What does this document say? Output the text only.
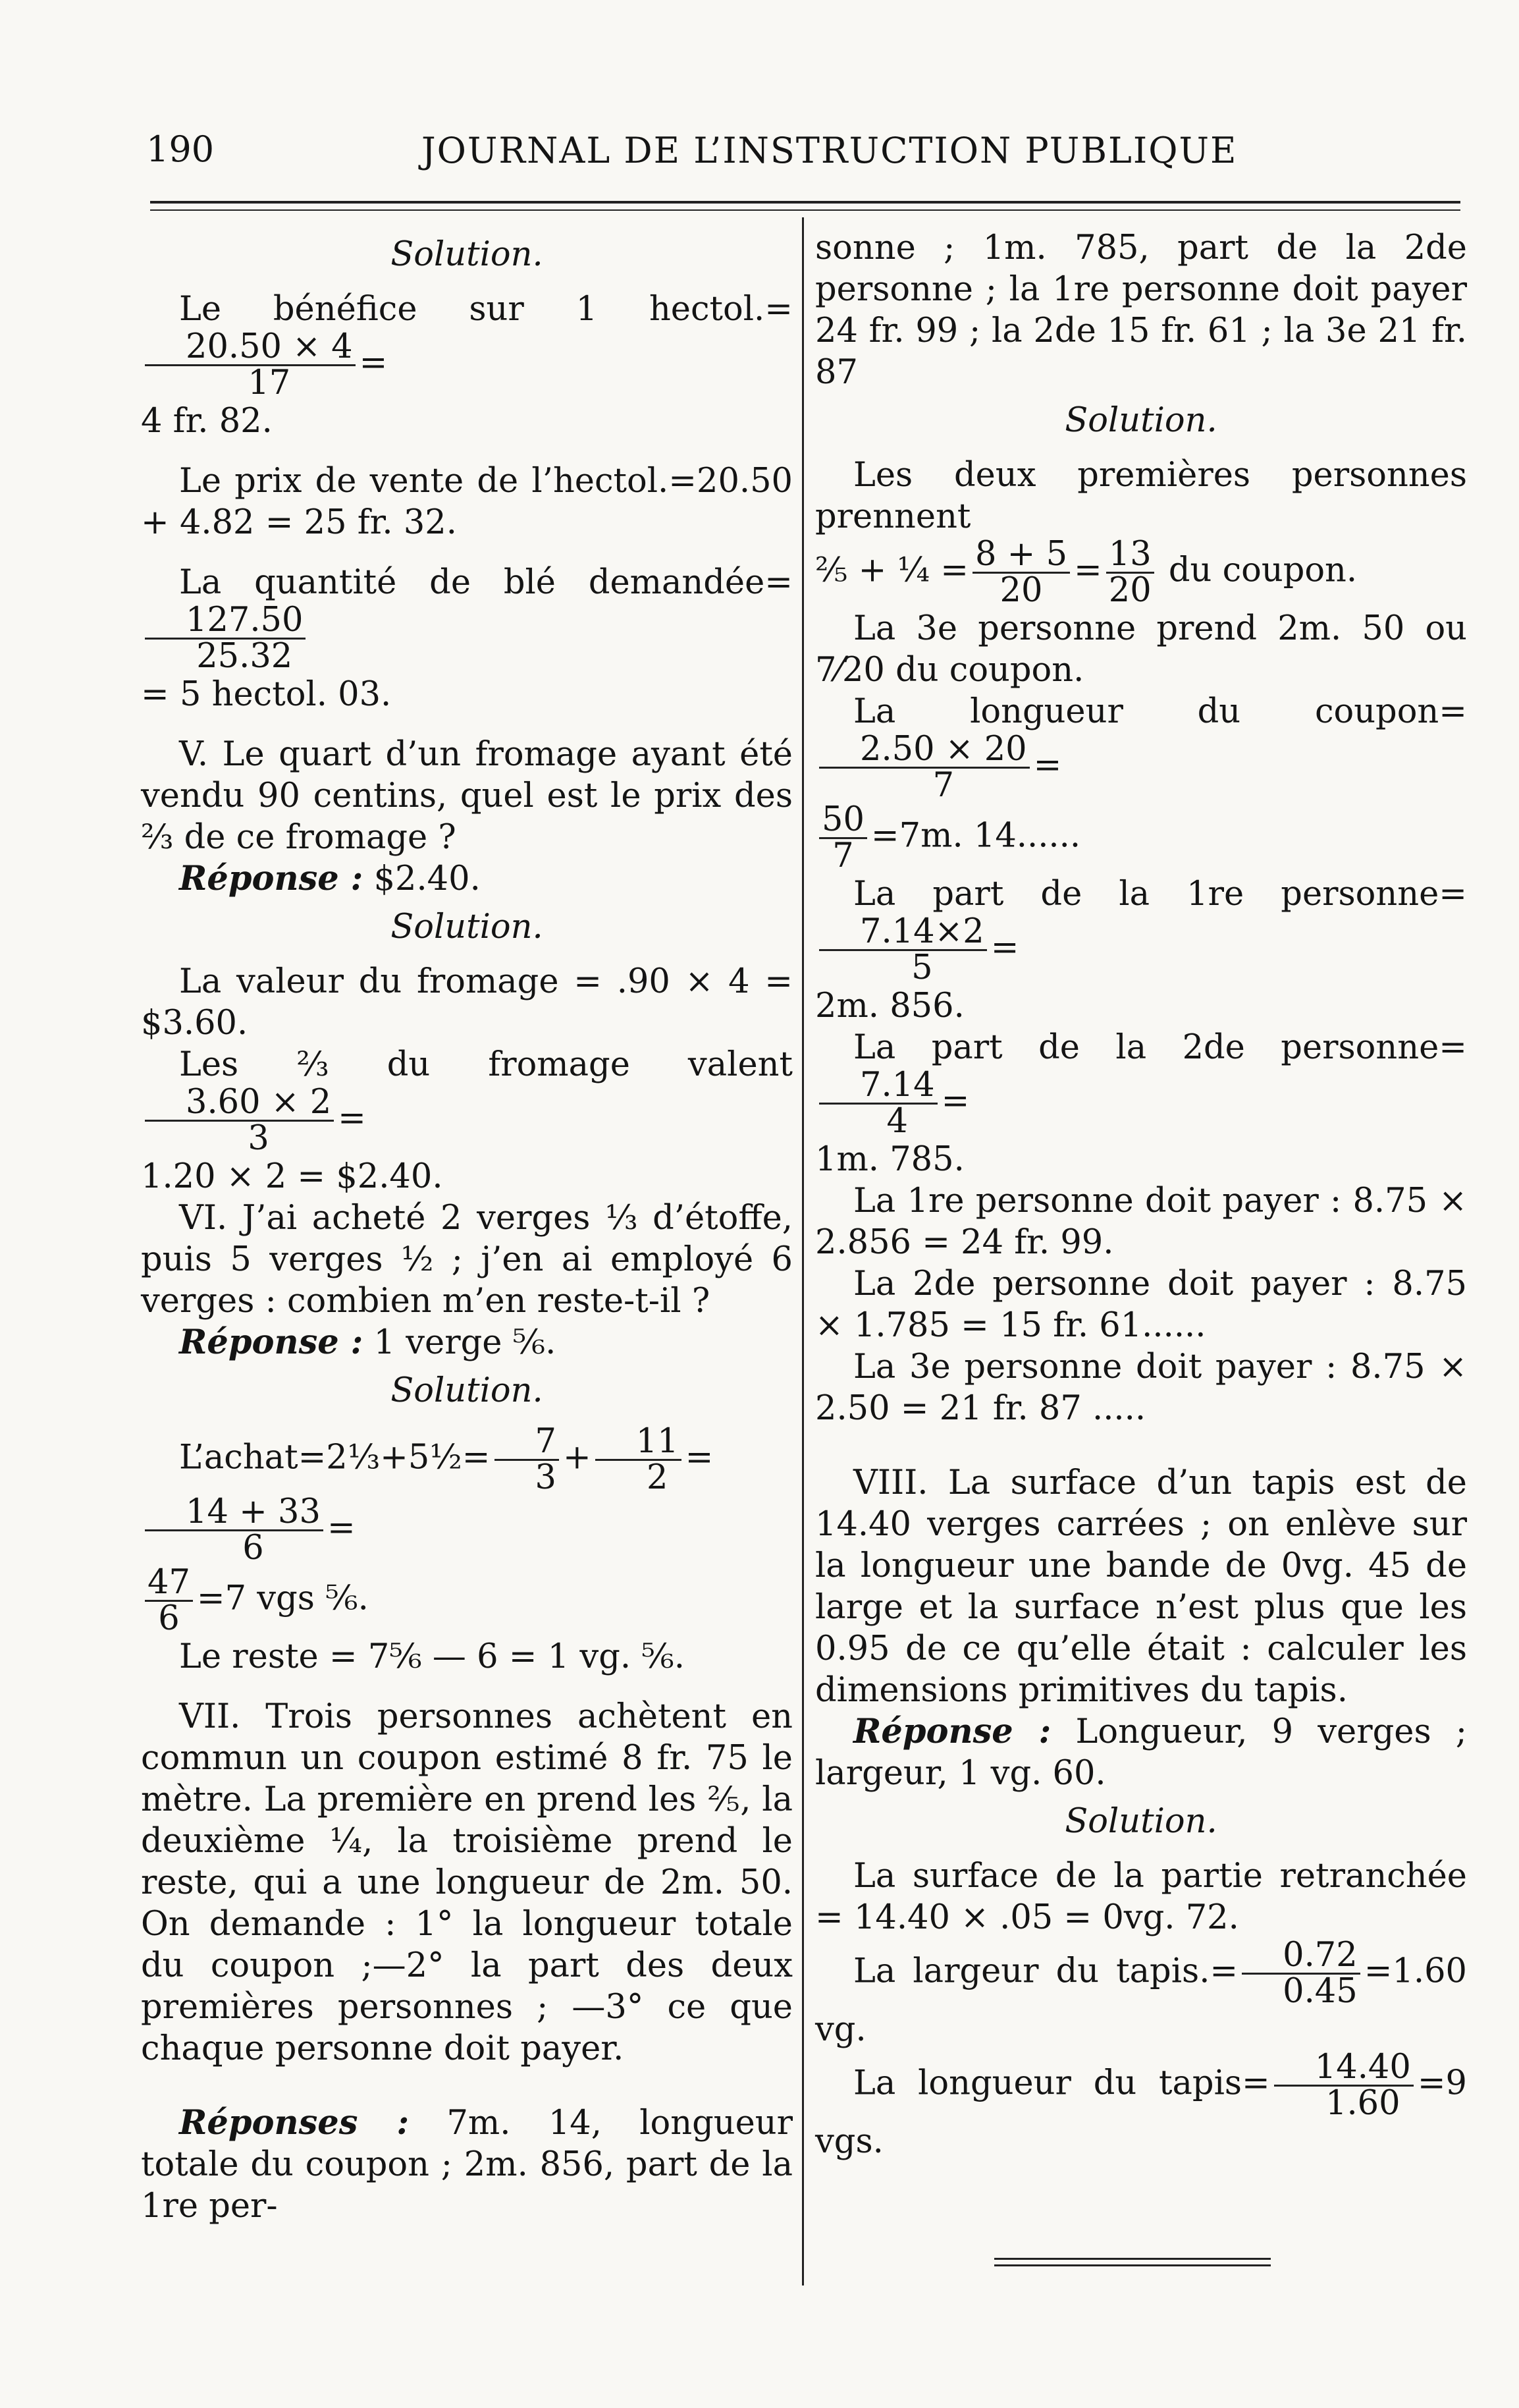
190	JOURNAL DE L’INSTRUCTION PUBLIQUE

Solution.

Le bénéfice sur 1 hectol.=
$\frac{20.50 \times 4}{17}$ =

4 fr. 82.

Le prix de vente de l’hectol.=20.50 + 4.82 = 25 fr. 32.

La quantité de blé demandée=
$\frac{127.50}{25.32}$

= 5 hectol. 03.

V. Le quart d’un fromage ayant été vendu 90 centins, quel est le prix des ⅔ de ce fromage ?

Réponse : $2.40.

Solution.

La valeur du fromage = .90 × 4 = $3.60.

Les ⅔ du fromage valent
$\frac{3.60 \times 2}{3}$ =

1.20 × 2 = $2.40.

VI. J’ai acheté 2 verges ⅓ d’étoffe, puis 5 verges ½ ; j’en ai employé 6 verges : combien m’en reste-t-il ?

Réponse : 1 verge ⅚.

Solution.

L’achat=2⅓+5½= $\frac{7}{3} + \frac{11}{2}$ =
$\frac{14 + 33}{6}$ =

$\frac{47}{6} =7$ vgs ⅚.

Le reste = 7⅚ — 6 = 1 vg. ⅚.

VII. Trois personnes achètent en commun un coupon estimé 8 fr. 75 le mètre. La première en prend les ⅖, la deuxième ¼, la troisième prend le reste, qui a une longueur de 2m. 50. On demande : 1° la longueur totale du coupon ;—2° la part des deux premières personnes ; —3° ce que chaque personne doit payer.

Réponses : 7m. 14, longueur totale du coupon ; 2m. 856, part de la 1re per-

sonne ; 1m. 785, part de la 2de personne ; la 1re personne doit payer 24 fr. 99 ; la 2de 15 fr. 61 ; la 3e 21 fr. 87

Solution.

Les deux premières personnes prennent

⅖ + ¼ = $\frac{8 + 5}{20} = \frac{13}{20}$ du coupon.

La 3e personne prend 2m. 50 ou 7⁄20 du coupon.

La longueur du coupon=
$\frac{2.50 \times 20}{7}$ =

$\frac{50}{7} =7m$. 14......

La part de la 1re personne=
$\frac{7.14\times 2}{5}$ =

2m. 856.

La part de la 2de personne=
$\frac{7.14}{4}$ =

1m. 785.

La 1re personne doit payer : 8.75 × 2.856 = 24 fr. 99.

La 2de personne doit payer : 8.75 × 1.785 = 15 fr. 61......

La 3e personne doit payer : 8.75 × 2.50 = 21 fr. 87 .....

VIII. La surface d’un tapis est de 14.40 verges carrées ; on enlève sur la longueur une bande de 0vg. 45 de large et la surface n’est plus que les 0.95 de ce qu’elle était : calculer les dimensions primitives du tapis.

Réponse : Longueur, 9 verges ; largeur, 1 vg. 60.

Solution.

La surface de la partie retranchée = 14.40 × .05 = 0vg. 72.

La largeur du tapis.= $\frac{0.72}{0.45} =1.60$ vg.

La longueur du tapis= $\frac{14.40}{1.60} =9$ vgs.
